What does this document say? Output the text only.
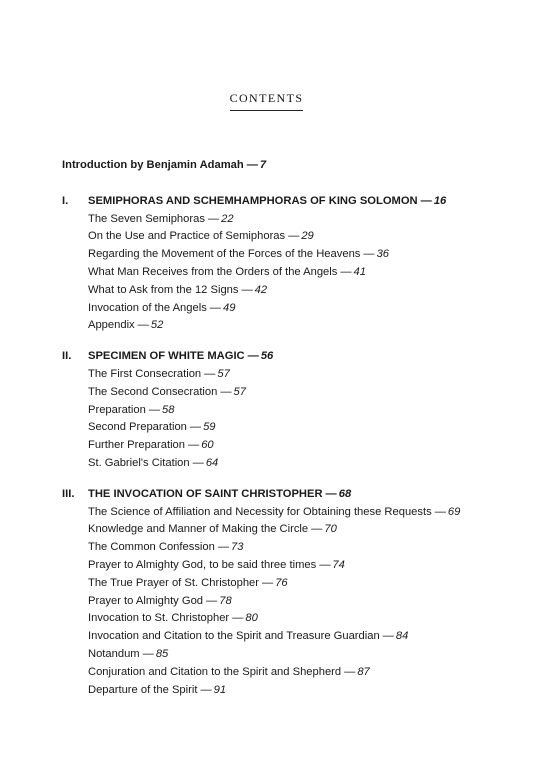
CONTENTS
Introduction by Benjamin Adamah — 7
I.	SEMIPHORAS AND SCHEMHAMPHORAS OF KING SOLOMON — 16
The Seven Semiphoras — 22
On the Use and Practice of Semiphoras — 29
Regarding the Movement of the Forces of the Heavens — 36
What Man Receives from the Orders of the Angels — 41
What to Ask from the 12 Signs — 42
Invocation of the Angels — 49
Appendix — 52
II.	SPECIMEN OF WHITE MAGIC — 56
The First Consecration — 57
The Second Consecration — 57
Preparation — 58
Second Preparation — 59
Further Preparation — 60
St. Gabriel's Citation — 64
III.	THE INVOCATION OF SAINT CHRISTOPHER — 68
The Science of Affiliation and Necessity for Obtaining these Requests — 69
Knowledge and Manner of Making the Circle — 70
The Common Confession — 73
Prayer to Almighty God, to be said three times — 74
The True Prayer of St. Christopher — 76
Prayer to Almighty God — 78
Invocation to St. Christopher — 80
Invocation and Citation to the Spirit and Treasure Guardian — 84
Notandum — 85
Conjuration and Citation to the Spirit and Shepherd — 87
Departure of the Spirit — 91
